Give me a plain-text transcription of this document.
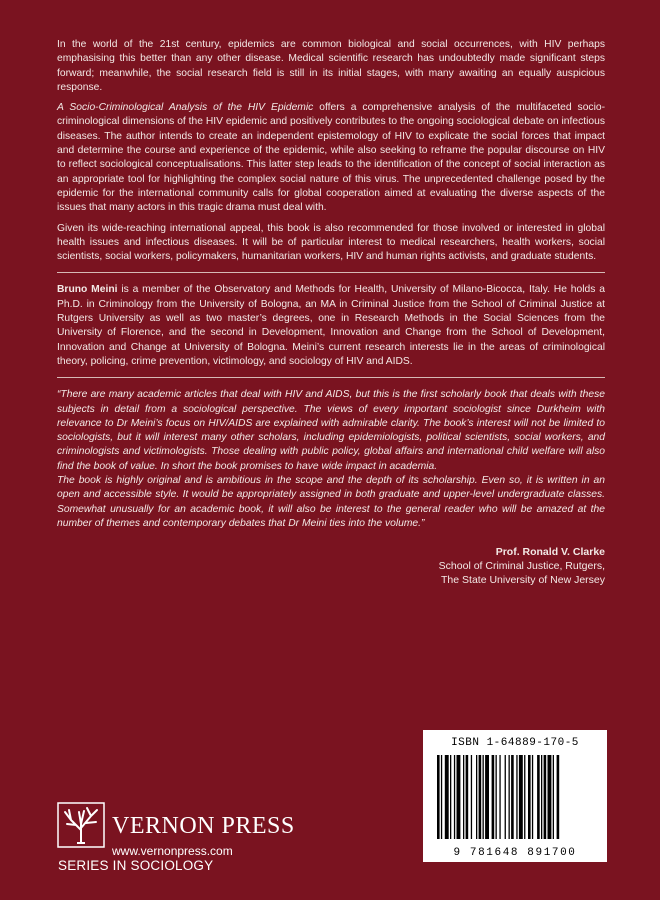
In the world of the 21st century, epidemics are common biological and social occurrences, with HIV perhaps emphasising this better than any other disease. Medical scientific research has undoubtedly made significant steps forward; meanwhile, the social research field is still in its initial stages, with many awaiting an equally auspicious response.

A Socio-Criminological Analysis of the HIV Epidemic offers a comprehensive analysis of the multifaceted socio-criminological dimensions of the HIV epidemic and positively contributes to the ongoing sociological debate on infectious diseases. The author intends to create an independent epistemology of HIV to explicate the social forces that impact and determine the course and experience of the epidemic, while also seeking to reframe the popular discourse on HIV to reflect sociological conceptualisations. This latter step leads to the identification of the concept of social interaction as an appropriate tool for highlighting the complex social nature of this virus. The unprecedented challenge posed by the epidemic for the international community calls for global cooperation aimed at evaluating the diverse aspects of the issues that many actors in this tragic drama must deal with.

Given its wide-reaching international appeal, this book is also recommended for those involved or interested in global health issues and infectious diseases. It will be of particular interest to medical researchers, health workers, social scientists, social workers, policymakers, humanitarian workers, HIV and human rights activists, and graduate students.

Bruno Meini is a member of the Observatory and Methods for Health, University of Milano-Bicocca, Italy. He holds a Ph.D. in Criminology from the University of Bologna, an MA in Criminal Justice from the School of Criminal Justice at Rutgers University as well as two master’s degrees, one in Research Methods in the Social Sciences from the University of Florence, and the second in Development, Innovation and Change from the School of Development, Innovation and Change at University of Bologna. Meini’s current research interests lie in the areas of criminological theory, policing, crime prevention, victimology, and sociology of HIV and AIDS.

“There are many academic articles that deal with HIV and AIDS, but this is the first scholarly book that deals with these subjects in detail from a sociological perspective. The views of every important sociologist since Durkheim with relevance to Dr Meini’s focus on HIV/AIDS are explained with admirable clarity. The book’s interest will not be limited to sociologists, but it will interest many other scholars, including epidemiologists, political scientists, social workers, and criminologists and victimologists. Those dealing with public policy, global affairs and international child welfare will also find the book of value. In short the book promises to have wide impact in academia.

The book is highly original and is ambitious in the scope and the depth of its scholarship. Even so, it is written in an open and accessible style. It would be appropriately assigned in both graduate and upper-level undergraduate classes. Somewhat unusually for an academic book, it will also be interest to the general reader who will be amazed at the number of themes and contemporary debates that Dr Meini ties into the volume.”

Prof. Ronald V. Clarke
School of Criminal Justice, Rutgers,
The State University of New Jersey
ISBN 1-64889-170-5
9 781648 891700
VERNON PRESS
www.vernonpress.com
SERIES IN SOCIOLOGY
